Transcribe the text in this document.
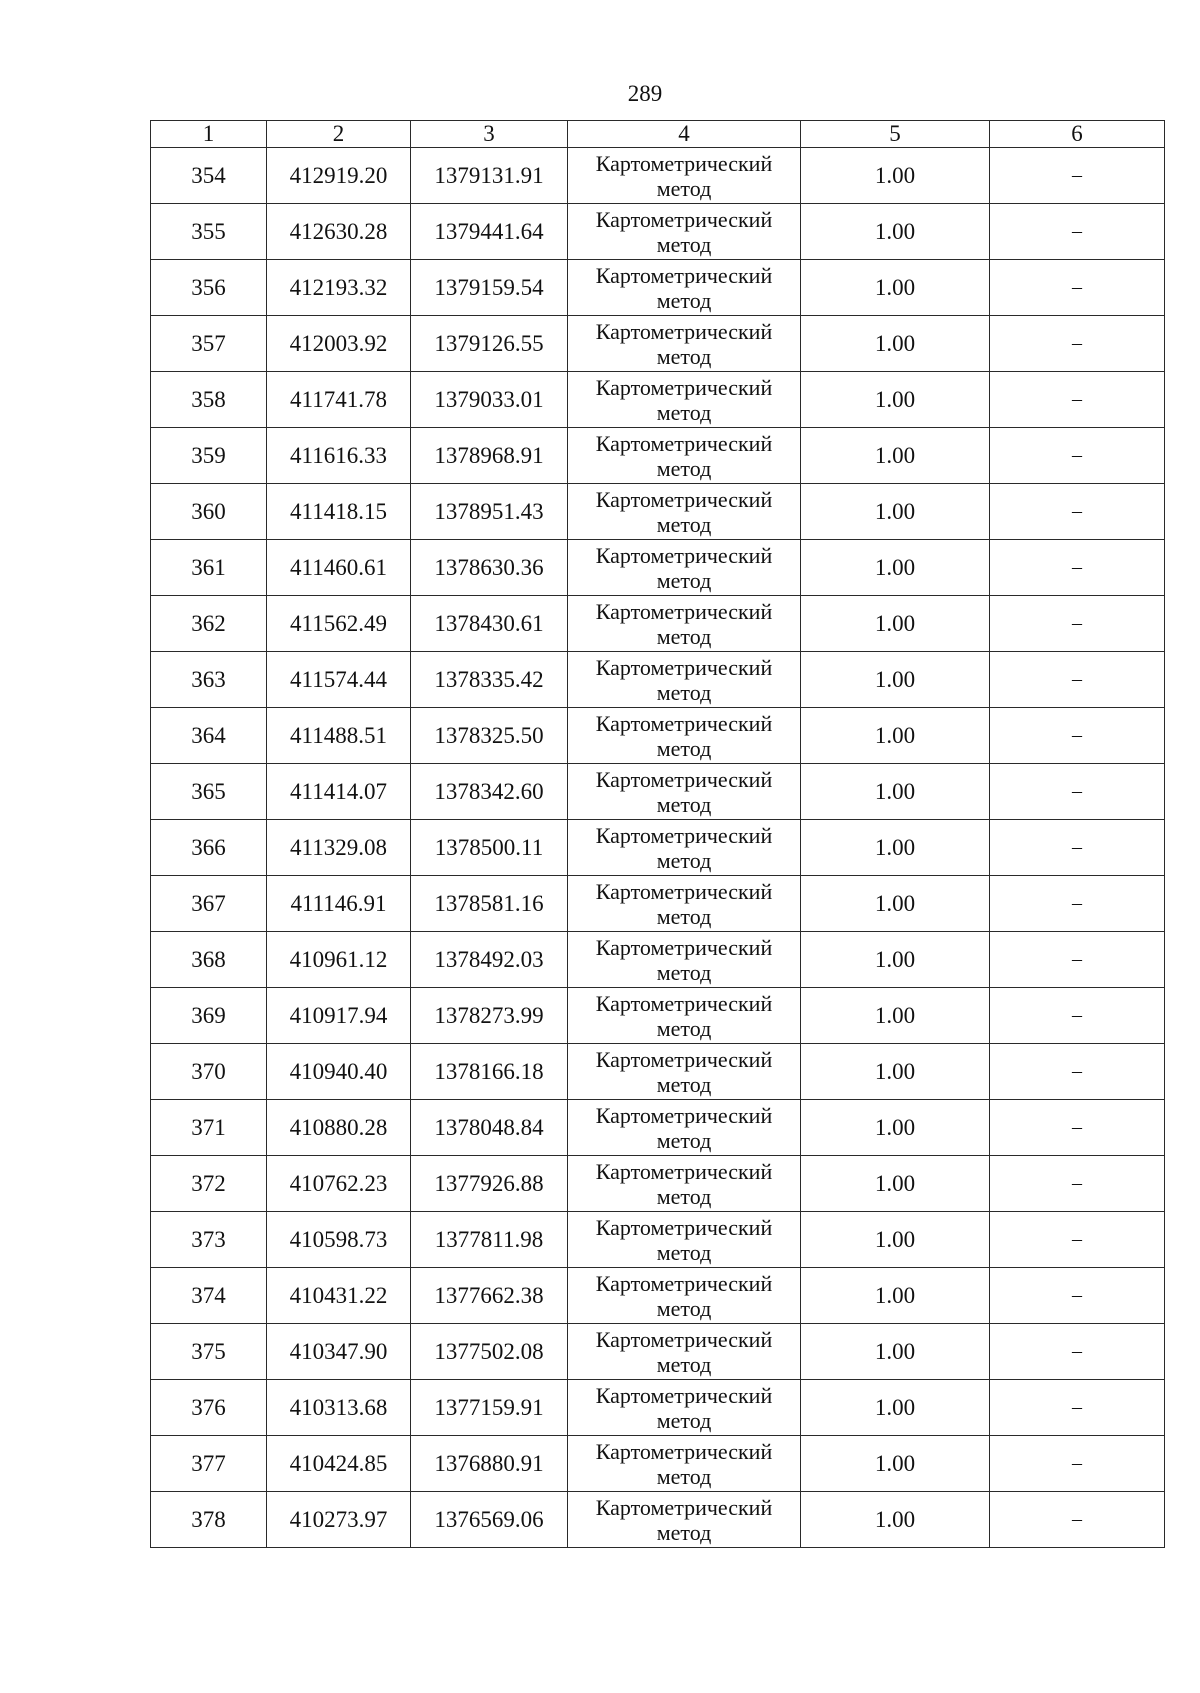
289
1	2	3	4	5	6
354	412919.20	1379131.91	Картометрический метод	1.00	–
355	412630.28	1379441.64	Картометрический метод	1.00	–
356	412193.32	1379159.54	Картометрический метод	1.00	–
357	412003.92	1379126.55	Картометрический метод	1.00	–
358	411741.78	1379033.01	Картометрический метод	1.00	–
359	411616.33	1378968.91	Картометрический метод	1.00	–
360	411418.15	1378951.43	Картометрический метод	1.00	–
361	411460.61	1378630.36	Картометрический метод	1.00	–
362	411562.49	1378430.61	Картометрический метод	1.00	–
363	411574.44	1378335.42	Картометрический метод	1.00	–
364	411488.51	1378325.50	Картометрический метод	1.00	–
365	411414.07	1378342.60	Картометрический метод	1.00	–
366	411329.08	1378500.11	Картометрический метод	1.00	–
367	411146.91	1378581.16	Картометрический метод	1.00	–
368	410961.12	1378492.03	Картометрический метод	1.00	–
369	410917.94	1378273.99	Картометрический метод	1.00	–
370	410940.40	1378166.18	Картометрический метод	1.00	–
371	410880.28	1378048.84	Картометрический метод	1.00	–
372	410762.23	1377926.88	Картометрический метод	1.00	–
373	410598.73	1377811.98	Картометрический метод	1.00	–
374	410431.22	1377662.38	Картометрический метод	1.00	–
375	410347.90	1377502.08	Картометрический метод	1.00	–
376	410313.68	1377159.91	Картометрический метод	1.00	–
377	410424.85	1376880.91	Картометрический метод	1.00	–
378	410273.97	1376569.06	Картометрический метод	1.00	–
